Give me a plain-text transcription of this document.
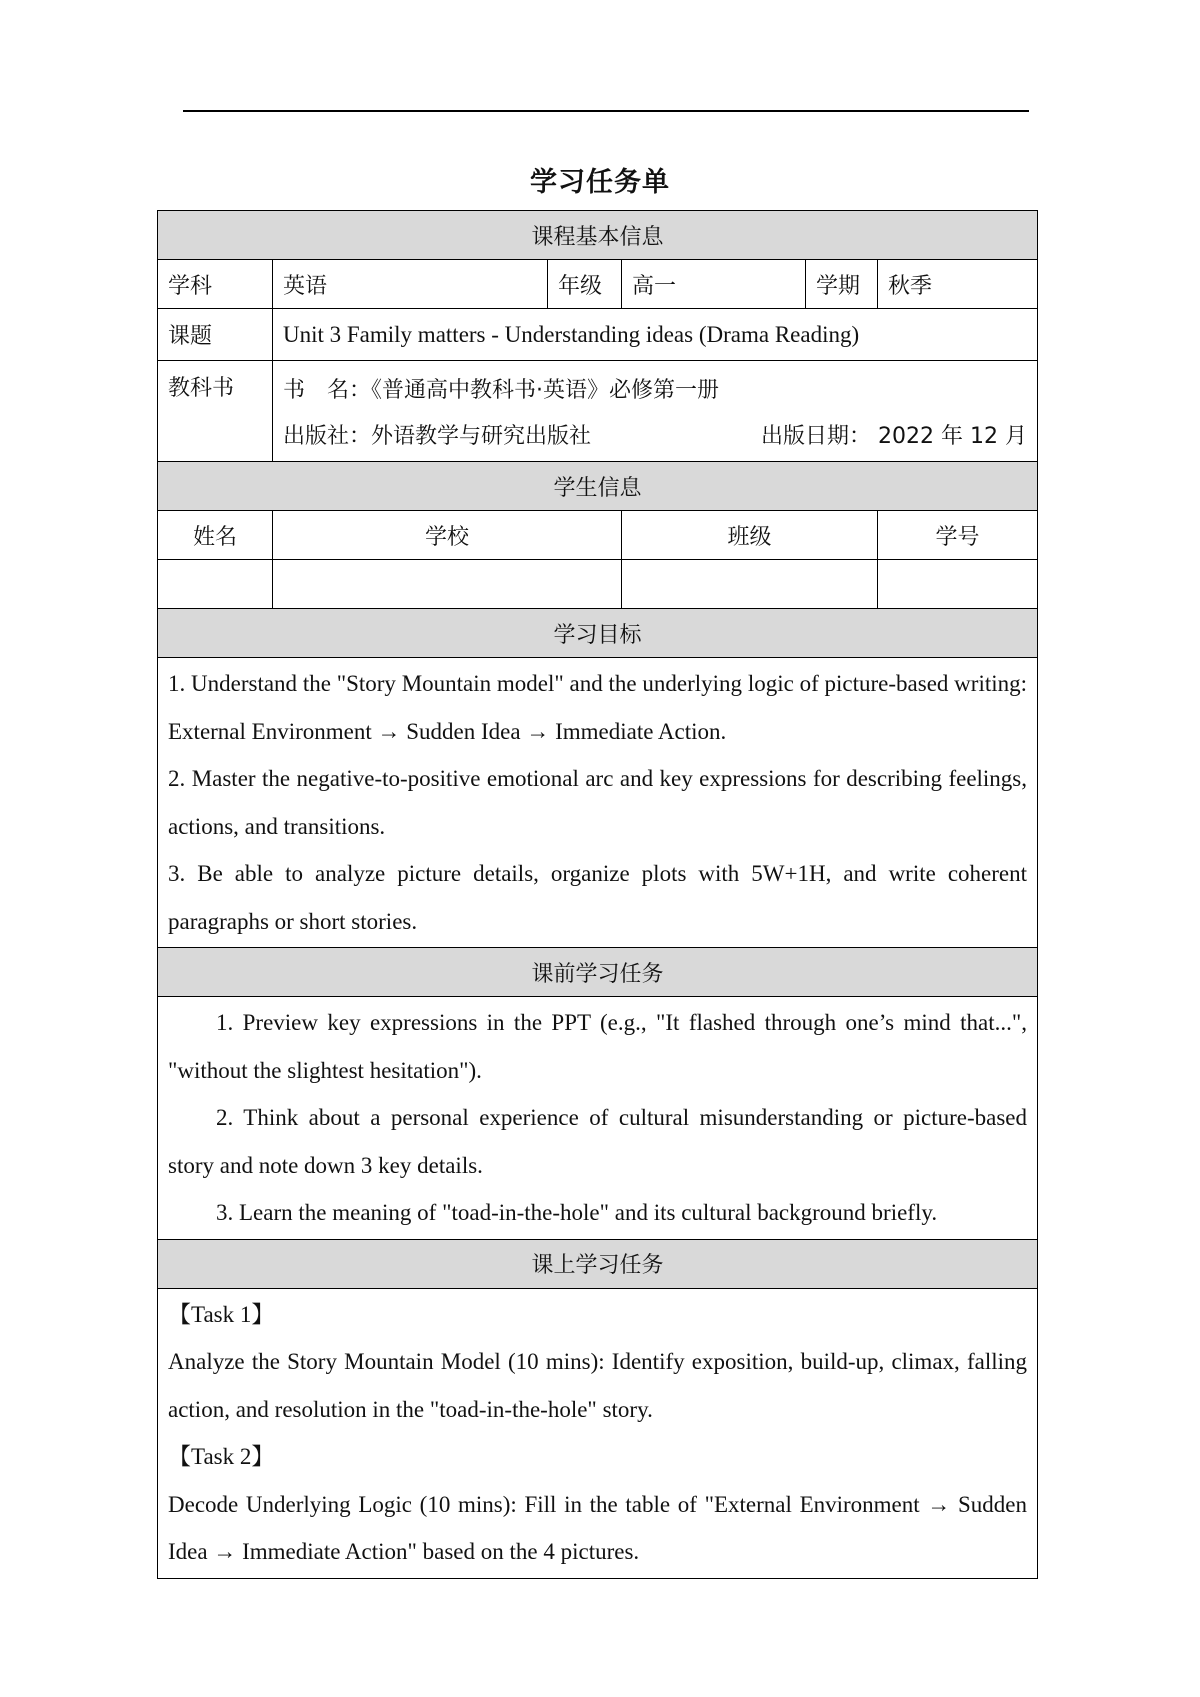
学习任务单
课程基本信息					
学科	英语	年级	高一	学期	秋季
课题	Unit 3 Family matters - Understanding ideas (Drama Reading)				
教科书	书　名：《普通高中教科书·英语》必修第一册
出版社：外语教学与研究出版社 出版日期： 2022 年 12 月				

学生信息					
姓名	学校		班级		学号

学习目标					

1. Understand the "Story Mountain model" and the underlying logic of picture-based writing: External Environment → Sudden Idea → Immediate Action.

2. Master the negative-to-positive emotional arc and key expressions for describing feelings, actions, and transitions.

3. Be able to analyze picture details, organize plots with 5W+1H, and write coherent paragraphs or short stories.					

课前学习任务					

1. Preview key expressions in the PPT (e.g., "It flashed through one’s mind that...", "without the slightest hesitation").

2. Think about a personal experience of cultural misunderstanding or picture-based story and note down 3 key details.

3. Learn the meaning of "toad-in-the-hole" and its cultural background briefly.					

课上学习任务					

【Task 1】

Analyze the Story Mountain Model (10 mins): Identify exposition, build-up, climax, falling action, and resolution in the "toad-in-the-hole" story.

【Task 2】

Decode Underlying Logic (10 mins): Fill in the table of "External Environment → Sudden Idea → Immediate Action" based on the 4 pictures.					
